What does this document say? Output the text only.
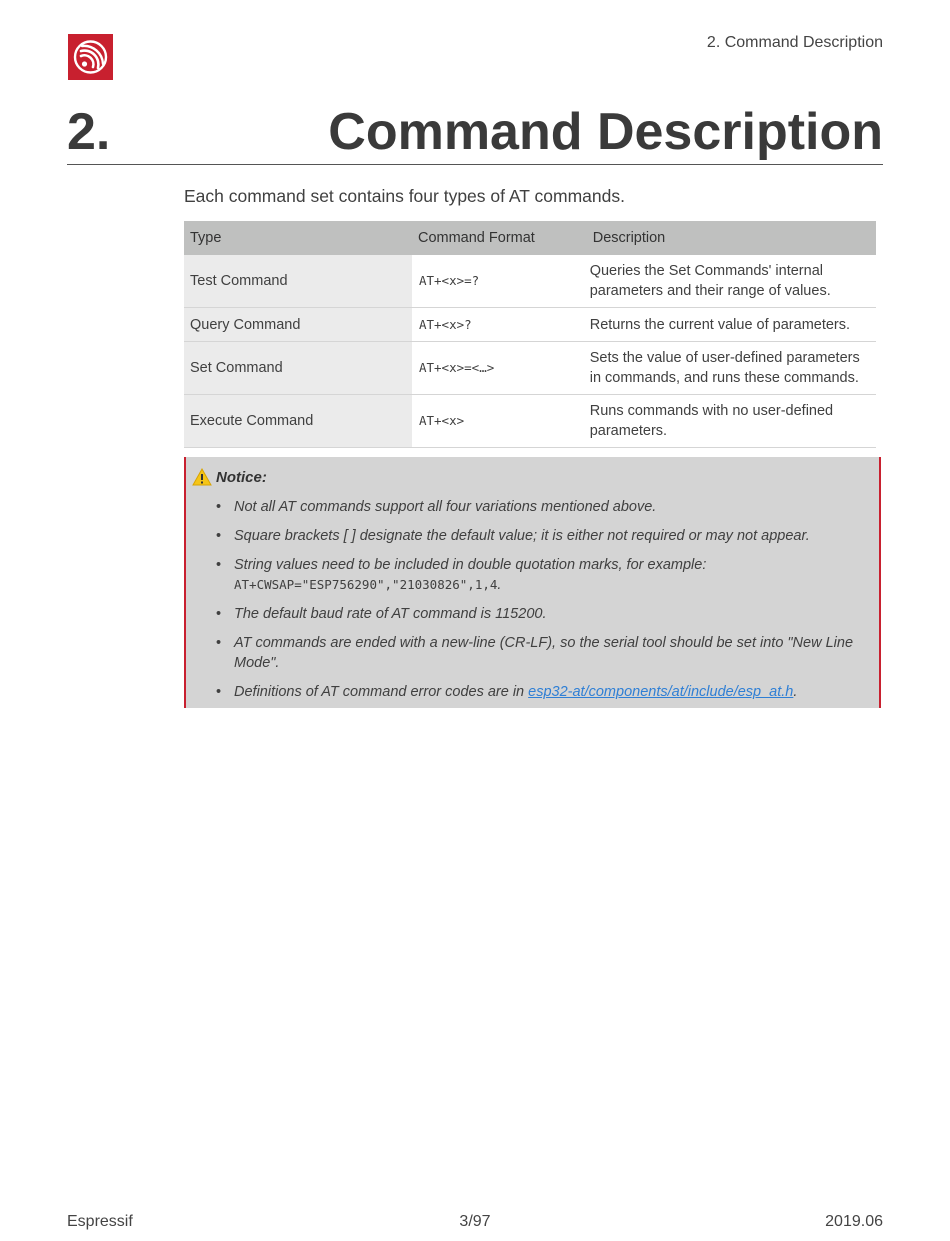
2. Command Description
2.	Command Description
Each command set contains four types of AT commands.
Type	Command Format	Description
Test Command	AT+<x>=?	Queries the Set Commands' internal parameters and their range of values.
Query Command	AT+<x>?	Returns the current value of parameters.
Set Command	AT+<x>=<…>	Sets the value of user-defined parameters in commands, and runs these commands.
Execute Command	AT+<x>	Runs commands with no user-defined parameters.
Notice:
• Not all AT commands support all four variations mentioned above.
• Square brackets [ ] designate the default value; it is either not required or may not appear.
• String values need to be included in double quotation marks, for example:
AT+CWSAP="ESP756290","21030826",1,4.
• The default baud rate of AT command is 115200.
• AT commands are ended with a new-line (CR-LF), so the serial tool should be set into "New Line Mode".
• Definitions of AT command error codes are in esp32-at/components/at/include/esp_at.h.
Espressif	3/97	2019.06
